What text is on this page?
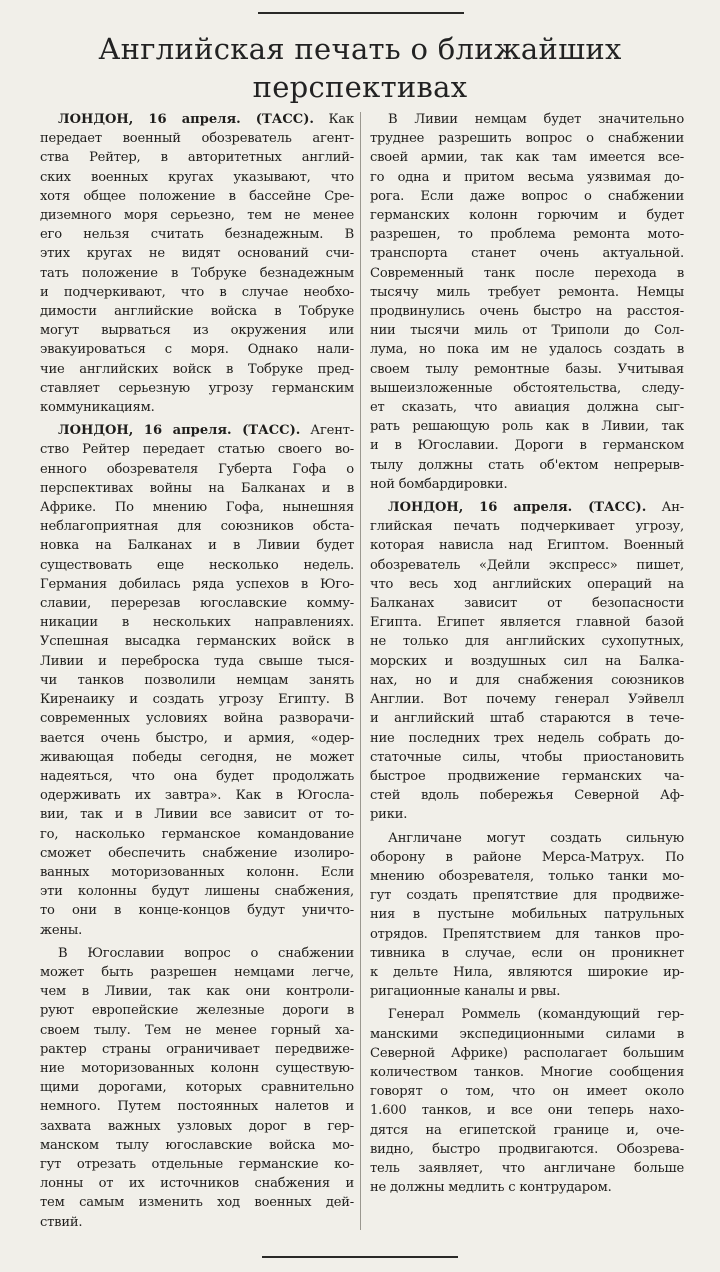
Английская печать о ближайших
перспективах
ЛОНДОН, 16 апреля. (ТАСС). Как
передает военный обозреватель агент-
ства Рейтер, в авторитетных англий-
ских военных кругах указывают, что
хотя общее положение в бассейне Сре-
диземного моря серьезно, тем не менее
его нельзя считать безнадежным. В
этих кругах не видят оснований счи-
тать положение в Тобруке безнадежным
и подчеркивают, что в случае необхо-
димости английские войска в Тобруке
могут вырваться из окружения или
эвакуироваться с моря. Однако нали-
чие английских войск в Тобруке пред-
ставляет серьезную угрозу германским
коммуникациям.
ЛОНДОН, 16 апреля. (ТАСС). Агент-
ство Рейтер передает статью своего во-
енного обозревателя Губерта Гофа о
перспективах войны на Балканах и в
Африке. По мнению Гофа, нынешняя
неблагоприятная для союзников обста-
новка на Балканах и в Ливии будет
существовать еще несколько недель.
Германия добилась ряда успехов в Юго-
славии, перерезав югославские комму-
никации в нескольких направлениях.
Успешная высадка германских войск в
Ливии и переброска туда свыше тыся-
чи танков позволили немцам занять
Киренаику и создать угрозу Египту. В
современных условиях война разворачи-
вается очень быстро, и армия, «одер-
живающая победы сегодня, не может
надеяться, что она будет продолжать
одерживать их завтра». Как в Югосла-
вии, так и в Ливии все зависит от то-
го, насколько германское командование
сможет обеспечить снабжение изолиро-
ванных моторизованных колонн. Если
эти колонны будут лишены снабжения,
то они в конце-концов будут уничто-
жены.
В Югославии вопрос о снабжении
может быть разрешен немцами легче,
чем в Ливии, так как они контроли-
руют европейские железные дороги в
своем тылу. Тем не менее горный ха-
рактер страны ограничивает передвиже-
ние моторизованных колонн существую-
щими дорогами, которых сравнительно
немного. Путем постоянных налетов и
захвата важных узловых дорог в гер-
манском тылу югославские войска мо-
гут отрезать отдельные германские ко-
лонны от их источников снабжения и
тем самым изменить ход военных дей-
ствий.
В Ливии немцам будет значительно
труднее разрешить вопрос о снабжении
своей армии, так как там имеется все-
го одна и притом весьма уязвимая до-
рога. Если даже вопрос о снабжении
германских колонн горючим и будет
разрешен, то проблема ремонта мото-
транспорта станет очень актуальной.
Современный танк после перехода в
тысячу миль требует ремонта. Немцы
продвинулись очень быстро на расстоя-
нии тысячи миль от Триполи до Сол-
лума, но пока им не удалось создать в
своем тылу ремонтные базы. Учитывая
вышеизложенные обстоятельства, следу-
ет сказать, что авиация должна сыг-
рать решающую роль как в Ливии, так
и в Югославии. Дороги в германском
тылу должны стать об'ектом непрерыв-
ной бомбардировки.
ЛОНДОН, 16 апреля. (ТАСС). Ан-
глийская печать подчеркивает угрозу,
которая нависла над Египтом. Военный
обозреватель «Дейли экспресс» пишет,
что весь ход английских операций на
Балканах зависит от безопасности
Египта. Египет является главной базой
не только для английских сухопутных,
морских и воздушных сил на Балка-
нах, но и для снабжения союзников
Англии. Вот почему генерал Уэйвелл
и английский штаб стараются в тече-
ние последних трех недель собрать до-
статочные силы, чтобы приостановить
быстрое продвижение германских ча-
стей вдоль побережья Северной Аф-
рики.
Англичане могут создать сильную
оборону в районе Мерса-Матрух. По
мнению обозревателя, только танки мо-
гут создать препятствие для продвиже-
ния в пустыне мобильных патрульных
отрядов. Препятствием для танков про-
тивника в случае, если он проникнет
к дельте Нила, являются широкие ир-
ригационные каналы и рвы.
Генерал Роммель (командующий гер-
манскими экспедиционными силами в
Северной Африке) располагает большим
количеством танков. Многие сообщения
говорят о том, что он имеет около
1.600 танков, и все они теперь нахо-
дятся на египетской границе и, оче-
видно, быстро продвигаются. Обозрева-
тель заявляет, что англичане больше
не должны медлить с контрударом.
